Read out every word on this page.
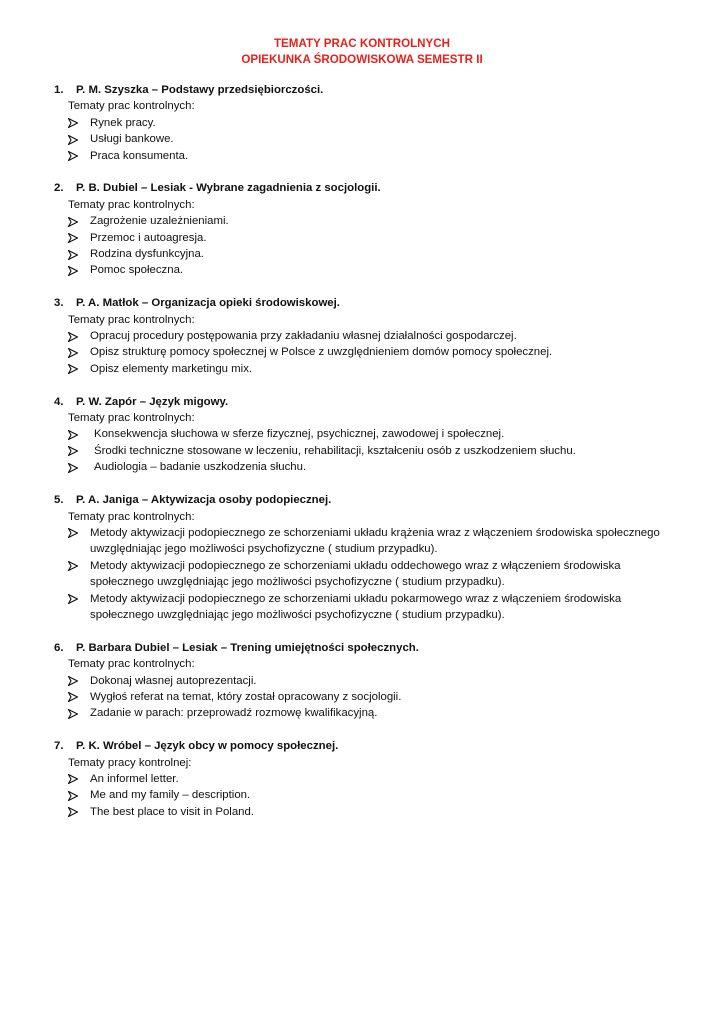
TEMATY PRAC KONTROLNYCH
OPIEKUNKA ŚRODOWISKOWA SEMESTR II
1. P. M. Szyszka – Podstawy przedsiębiorczości.
Tematy prac kontrolnych:
Rynek pracy.
Usługi bankowe.
Praca konsumenta.
2. P. B. Dubiel – Lesiak - Wybrane zagadnienia z socjologii.
Tematy prac kontrolnych:
Zagrożenie uzależnieniami.
Przemoc i autoagresja.
Rodzina dysfunkcyjna.
Pomoc społeczna.
3. P. A. Matłok – Organizacja opieki środowiskowej.
Tematy prac kontrolnych:
Opracuj procedury postępowania przy zakładaniu własnej działalności gospodarczej.
Opisz strukturę pomocy społecznej w Polsce z uwzględnieniem domów pomocy społecznej.
Opisz elementy marketingu mix.
4. P. W. Zapór – Język migowy.
Tematy prac kontrolnych:
Konsekwencja słuchowa w sferze fizycznej, psychicznej, zawodowej i społecznej.
Środki techniczne stosowane w leczeniu, rehabilitacji, kształceniu osób z uszkodzeniem słuchu.
Audiologia – badanie uszkodzenia słuchu.
5. P. A. Janiga – Aktywizacja osoby podopiecznej.
Tematy prac kontrolnych:
Metody aktywizacji podopiecznego ze schorzeniami układu krążenia wraz z włączeniem środowiska społecznego uwzględniając jego możliwości psychofizyczne ( studium przypadku).
Metody aktywizacji podopiecznego ze schorzeniami układu oddechowego wraz z włączeniem środowiska społecznego uwzględniając jego możliwości psychofizyczne ( studium przypadku).
Metody aktywizacji podopiecznego ze schorzeniami układu pokarmowego wraz z włączeniem środowiska społecznego uwzględniając jego możliwości psychofizyczne ( studium przypadku).
6. P. Barbara Dubiel – Lesiak – Trening umiejętności społecznych.
Tematy prac kontrolnych:
Dokonaj własnej autoprezentacji.
Wygłoś referat na temat, który został opracowany z socjologii.
Zadanie w parach: przeprowadź rozmowę kwalifikacyjną.
7. P. K. Wróbel – Język obcy w pomocy społecznej.
Tematy pracy kontrolnej:
An informel letter.
Me and my family – description.
The best place to visit in Poland.
